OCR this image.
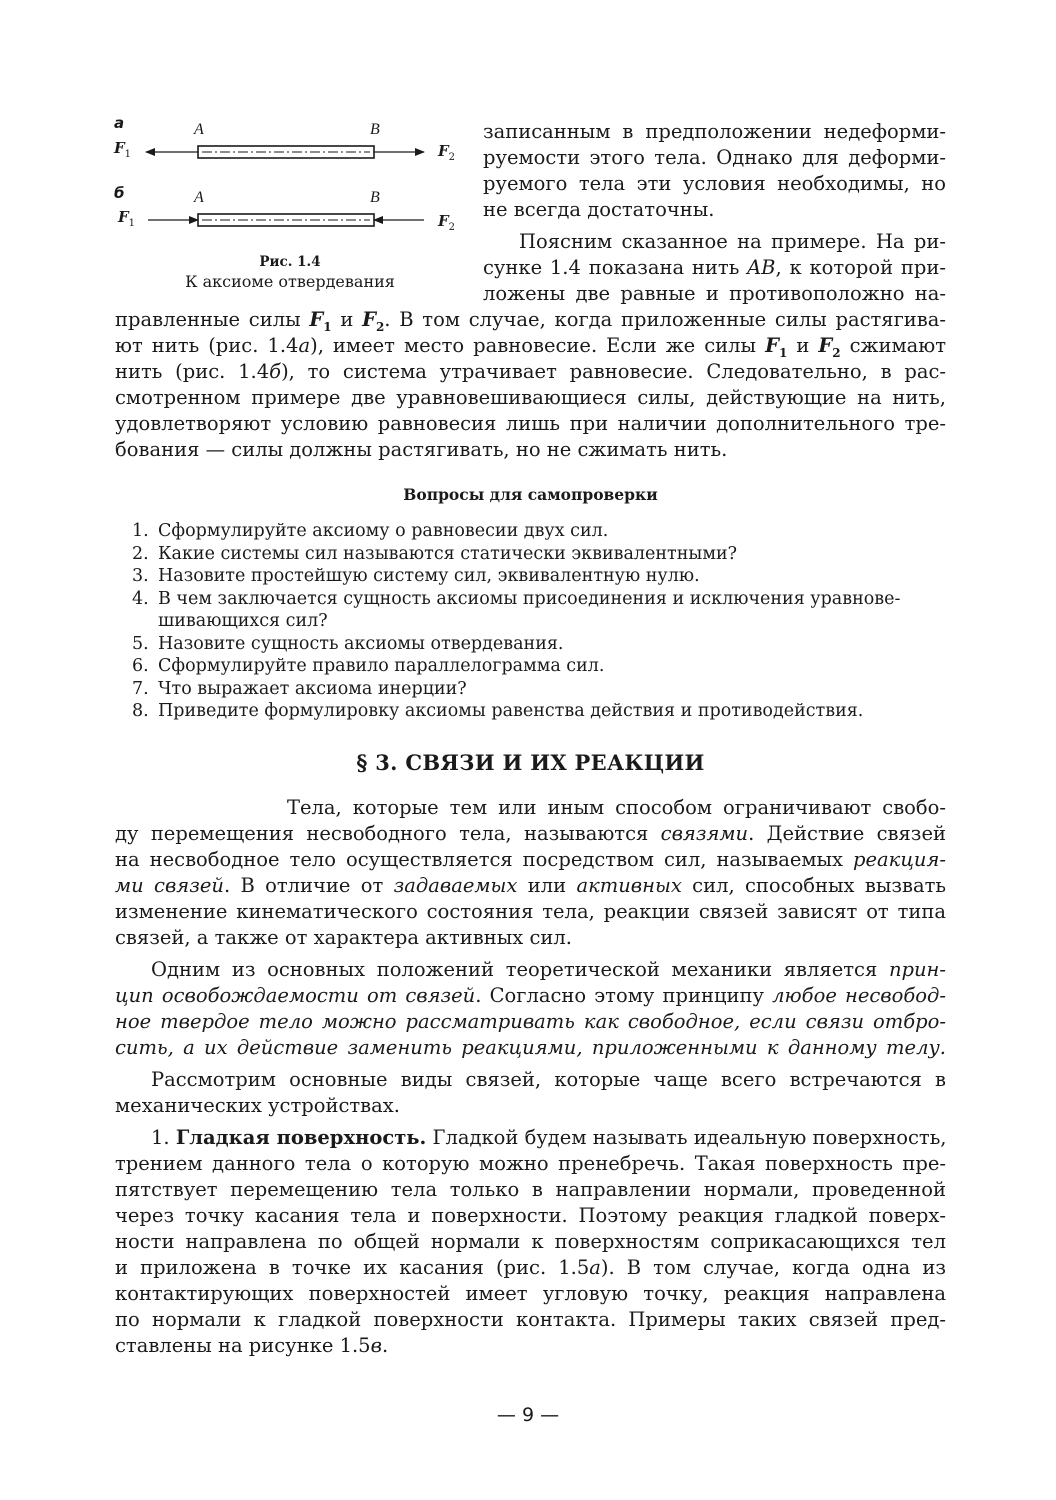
а	A	B
$F_1$	$F_2$
б	A	B
$F_1$	$F_2$
Рис. 1.4
К аксиоме отвердевания

записанным в предположении недеформи-

руемости этого тела. Однако для деформи-

руемого тела эти условия необходимы, но

не всегда достаточны.

Поясним сказанное на примере. На ри-

сунке 1.4 показана нить AB, к которой при-

ложены две равные и противоположно на-

правленные силы $F_1$ и $F_2$. В том случае, когда приложенные силы растягива-

ют нить (рис. 1.4а), имеет место равновесие. Если же силы $F_1$ и $F_2$ сжимают

нить (рис. 1.4б), то система утрачивает равновесие. Следовательно, в рас-

смотренном примере две уравновешивающиеся силы, действующие на нить,

удовлетворяют условию равновесия лишь при наличии дополнительного тре-

бования — силы должны растягивать, но не сжимать нить.

Вопросы для самопроверки
1. Сформулируйте аксиому о равновесии двух сил.
2. Какие системы сил называются статически эквивалентными?
3. Назовите простейшую систему сил, эквивалентную нулю.
4. В чем заключается сущность аксиомы присоединения и исключения уравнове-
шивающихся сил?
5. Назовите сущность аксиомы отвердевания.
6. Сформулируйте правило параллелограмма сил.
7. Что выражает аксиома инерции?
8. Приведите формулировку аксиомы равенства действия и противодействия.
§ 3. СВЯЗИ И ИХ РЕАКЦИИ

Тела, которые тем или иным способом ограничивают свобо-

ду перемещения несвободного тела, называются связями. Действие связей

на несвободное тело осуществляется посредством сил, называемых реакция-

ми связей. В отличие от задаваемых или активных сил, способных вызвать

изменение кинематического состояния тела, реакции связей зависят от типа

связей, а также от характера активных сил.

Одним из основных положений теоретической механики является прин-

цип освобождаемости от связей. Согласно этому принципу любое несвобод-

ное твердое тело можно рассматривать как свободное, если связи отбро-

сить, а их действие заменить реакциями, приложенными к данному телу.

Рассмотрим основные виды связей, которые чаще всего встречаются в

механических устройствах.

1. Гладкая поверхность. Гладкой будем называть идеальную поверхность,

трением данного тела о которую можно пренебречь. Такая поверхность пре-

пятствует перемещению тела только в направлении нормали, проведенной

через точку касания тела и поверхности. Поэтому реакция гладкой поверх-

ности направлена по общей нормали к поверхностям соприкасающихся тел

и приложена в точке их касания (рис. 1.5а). В том случае, когда одна из

контактирующих поверхностей имеет угловую точку, реакция направлена

по нормали к гладкой поверхности контакта. Примеры таких связей пред-

ставлены на рисунке 1.5в.

— 9 —
